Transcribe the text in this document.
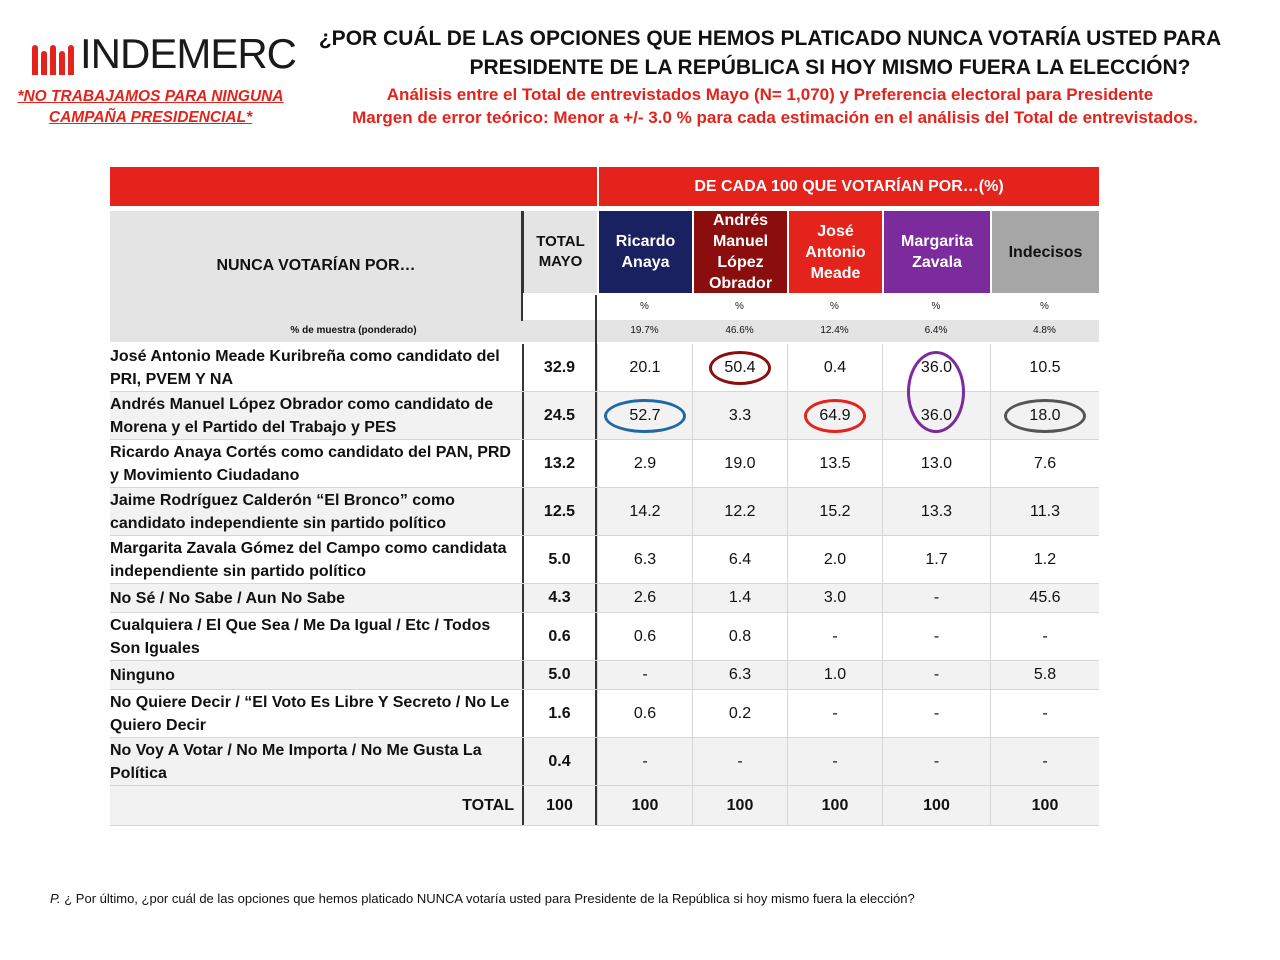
INDEMERC
*NO TRABAJAMOS PARA NINGUNA CAMPAÑA PRESIDENCIAL*
¿POR CUÁL DE LAS OPCIONES QUE HEMOS PLATICADO NUNCA VOTARÍA USTED PARA
PRESIDENTE DE LA REPÚBLICA SI HOY MISMO FUERA LA ELECCIÓN?
Análisis entre el Total de entrevistados Mayo (N= 1,070) y Preferencia electoral para Presidente
Margen de error teórico: Menor a +/- 3.0 % para cada estimación en el análisis del Total de entrevistados.
DE CADA 100 QUE VOTARÍAN POR…(%)
NUNCA VOTARÍAN POR…
TOTAL MAYO
Ricardo Anaya
Andrés Manuel López Obrador
José Antonio Meade
Margarita Zavala
Indecisos
%	%	%	%	%
% de muestra (ponderado)	19.7%	46.6%	12.4%	6.4%	4.8%
José Antonio Meade Kuribreña como candidato del PRI, PVEM Y NA
32.9	20.1	50.4	0.4	36.0	10.5
Andrés Manuel López Obrador como candidato de Morena y el Partido del Trabajo y PES
24.5	52.7	3.3	64.9	36.0	18.0
Ricardo Anaya Cortés como candidato del PAN, PRD y Movimiento Ciudadano
13.2	2.9	19.0	13.5	13.0	7.6
Jaime Rodríguez Calderón “El Bronco” como candidato independiente sin partido político
12.5	14.2	12.2	15.2	13.3	11.3
Margarita Zavala Gómez del Campo como candidata independiente sin partido político
5.0	6.3	6.4	2.0	1.7	1.2
No Sé / No Sabe / Aun No Sabe	4.3	2.6	1.4	3.0	-	45.6
Cualquiera / El Que Sea / Me Da Igual / Etc / Todos Son Iguales
0.6	0.6	0.8	-	-	-
Ninguno	5.0	-	6.3	1.0	-	5.8
No Quiere Decir / “El Voto Es Libre Y Secreto / No Le Quiero Decir
1.6	0.6	0.2	-	-	-
No Voy A Votar / No Me Importa / No Me Gusta La Política
0.4	-	-	-	-	-
TOTAL	100	100	100	100	100	100
P. ¿ Por último, ¿por cuál de las opciones que hemos platicado NUNCA votaría usted para Presidente de la República si hoy mismo fuera la elección?
